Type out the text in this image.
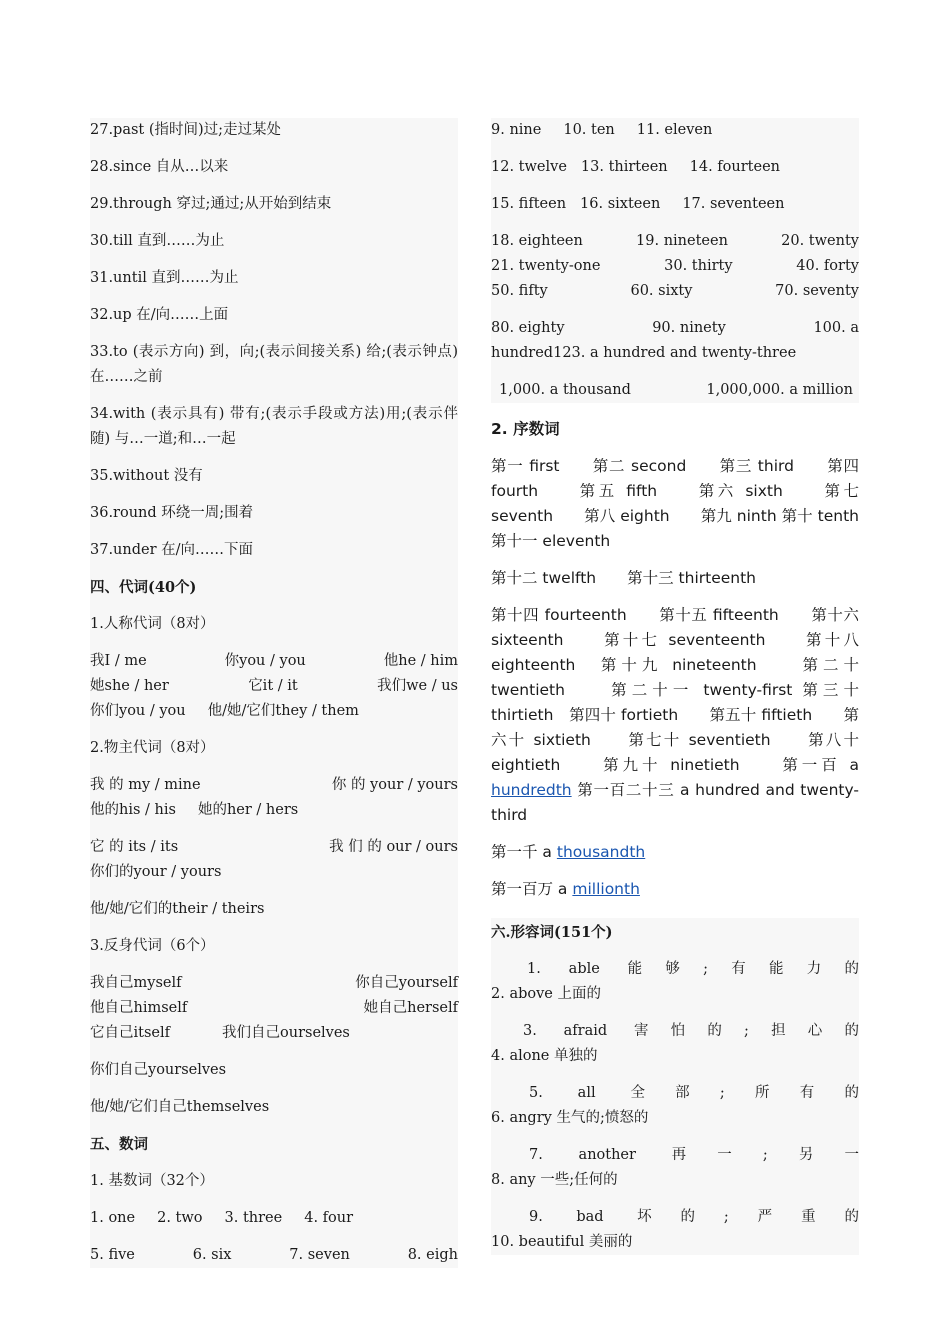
27.past (指时间)过;走过某处

28.since 自从…以来

29.through 穿过;通过;从开始到结束

30.till 直到……为止

31.until 直到……为止

32.up 在/向……上面

33.to (表示方向) 到，向;(表示间接关系) 给;(表示钟点) 在……之前

34.with (表示具有) 带有;(表示手段或方法)用;(表示伴随) 与…一道;和…一起

35.without 没有

36.round 环绕一周;围着

37.under 在/向……下面

四、代词(40个)

1.人称代词（8对）

我I / me	你you / you	他he / him
她she / her	它it / it	我们we / us
你们you / you 他/她/它们they / them

2.物主代词（8对）

我 的 my / mine	你 的 your / yours
他的his / his 她的her / hers
它 的 its / its	我 们 的 our / ours
你们的your / yours

他/她/它们的their / theirs

3.反身代词（6个）

我自己myself	你自己yourself
他自己himself	她自己herself
它自己itself	我们自己ourselves

你们自己yourselves

他/她/它们自己themselves

五、数词

1. 基数词（32个）

1. one 2. two 3. three 4. four
5. five	6. six	7. seven	8. eigh
9. nine 10. ten 11. eleven
12. twelve 13. thirteen 14. fourteen
15. fifteen 16. sixteen 17. seventeen
18. eighteen	19. nineteen	20. twenty
21. twenty-one	30. thirty	40. forty
50. fifty	60. sixty	70. seventy
80. eighty	90. ninety	100. a

hundred123. a hundred and twenty-three

1,000. a thousand	1,000,000. a million

2. 序数词

第一 first　　第二 second　　第三 third　　第四 fourth　　第五 fifth　　第六 sixth　　第七 seventh　　第八 eighth　　第九 ninth 第十 tenth　　　第十一 eleventh

第十二 twelfth　　第十三 thirteenth

第十四 fourteenth　　第十五 fifteenth　　第十六 sixteenth　　第十七 seventeenth　　第十八 eighteenth　第十九 nineteenth　　第二十 twentieth　　第二十一 twenty-first 第三十 thirtieth　第四十 fortieth　　第五十 fiftieth　　第六十 sixtieth　　第七十 seventieth　　第八十 eightieth　　第九十 ninetieth　　第一百 a hundredth 第一百二十三 a hundred and twenty-third

第一千 a thousandth

第一百万 a millionth

六.形容词(151个)

1. able 能够;有能力的

2. above 上面的

3. afraid 害怕的;担心的

4. alone 单独的

5. all 全部;所有的

6. angry 生气的;愤怒的

7. another 再一;另一

8. any 一些;任何的

9. bad 坏的;严重的

10. beautiful 美丽的
